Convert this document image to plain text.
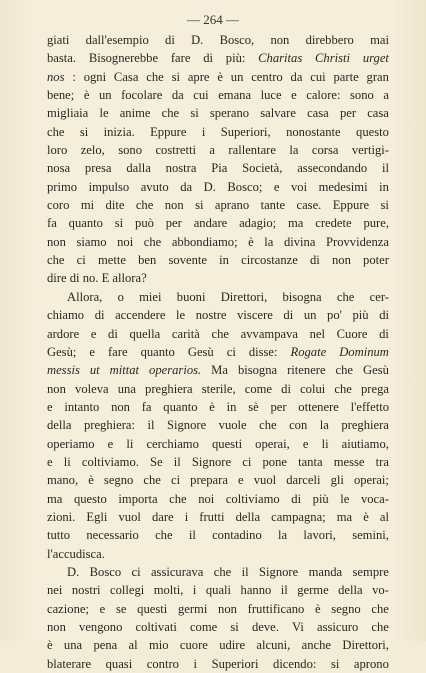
— 264 —
giati dall'esempio di D. Bosco, non direbbero mai
basta. Bisognerebbe fare di più: Charitas Christi urget
nos : ogni Casa che si apre è un centro da cui parte gran
bene; è un focolare da cui emana luce e calore: sono a
migliaia le anime che si sperano salvare casa per casa
che si inizia. Eppure i Superiori, nonostante questo
loro zelo, sono costretti a rallentare la corsa vertigi-
nosa presa dalla nostra Pia Società, assecondando il
primo impulso avuto da D. Bosco; e voi medesimi in
coro mi dite che non si aprano tante case. Eppure si
fa quanto si può per andare adagio; ma credete pure,
non siamo noi che abbondiamo; è la divina Provvidenza
che ci mette ben sovente in circostanze di non poter
dire di no. E allora?
Allora, o miei buoni Direttori, bisogna che cer-
chiamo di accendere le nostre viscere di un po' più di
ardore e di quella carità che avvampava nel Cuore di
Gesù; e fare quanto Gesù ci disse: Rogate Dominum
messis ut mittat operarios. Ma bisogna ritenere che Gesù
non voleva una preghiera sterile, come di colui che prega
e intanto non fa quanto è in sè per ottenere l'effetto
della preghiera: il Signore vuole che con la preghiera
operiamo e li cerchiamo questi operai, e li aiutiamo,
e li coltiviamo. Se il Signore ci pone tanta messe tra
mano, è segno che ci prepara e vuol darceli gli operai;
ma questo importa che noi coltiviamo di più le voca-
zioni. Egli vuol dare i frutti della campagna; ma è al
tutto necessario che il contadino la lavori, semini,
l'accudisca.
D. Bosco ci assicurava che il Signore manda sempre
nei nostri collegi molti, i quali hanno il germe della vo-
cazione; e se questi germi non fruttificano è segno che
non vengono coltivati come si deve. Vi assicuro che
è una pena al mio cuore udire alcuni, anche Direttori,
blaterare quasi contro i Superiori dicendo: si aprono
